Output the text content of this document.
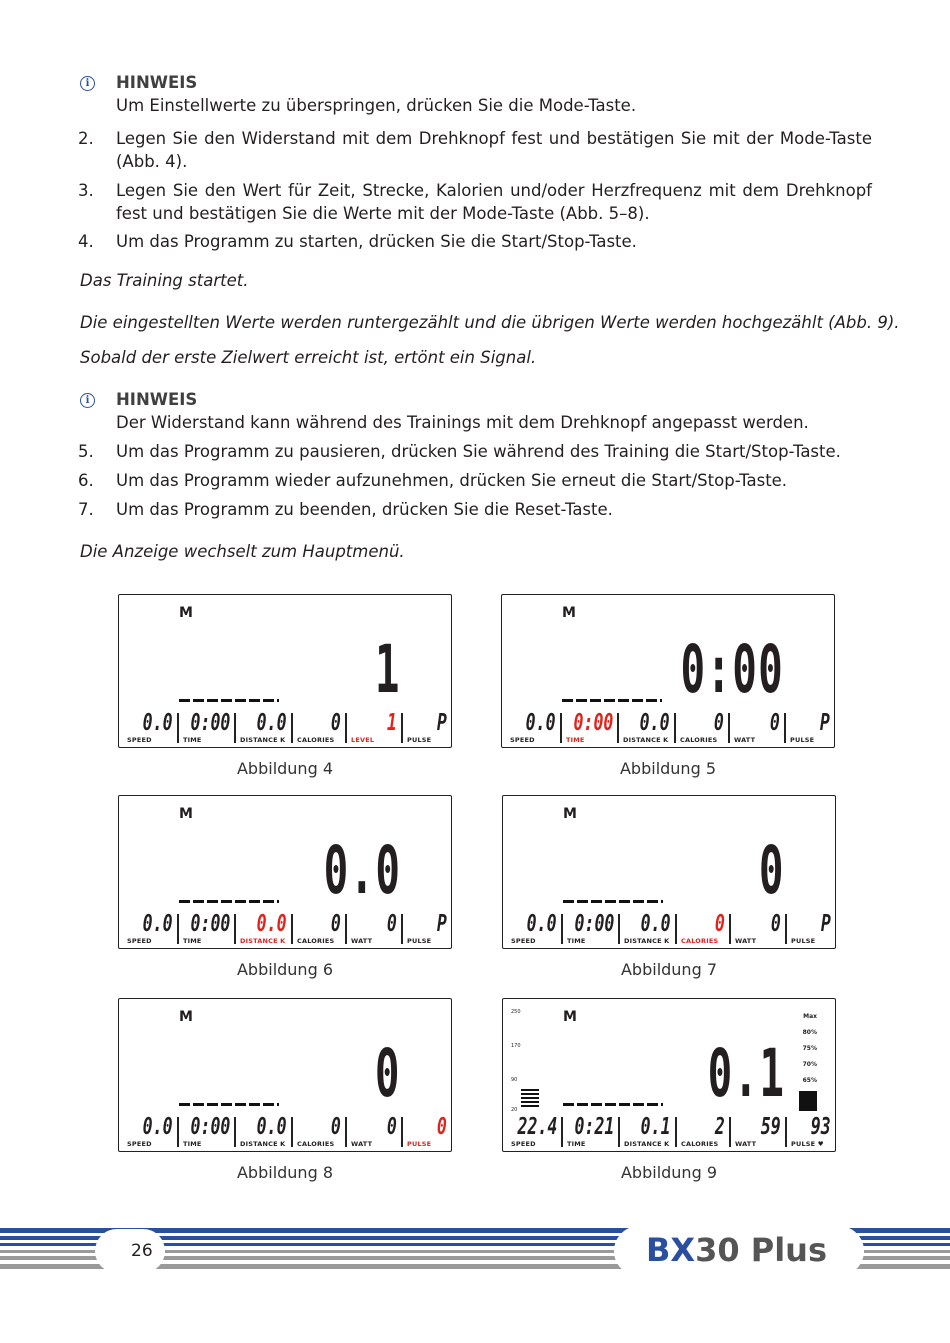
i	HINWEIS
Um Einstellwerte zu überspringen, drücken Sie die Mode-Taste.
2. Legen Sie den Widerstand mit dem Drehknopf fest und bestätigen Sie mit der Mode-Taste (Abb. 4).
3. Legen Sie den Wert für Zeit, Strecke, Kalorien und/oder Herzfrequenz mit dem Drehknopf fest und bestätigen Sie die Werte mit der Mode-Taste (Abb. 5–8).
4. Um das Programm zu starten, drücken Sie die Start/Stop-Taste.
Das Training startet.
Die eingestellten Werte werden runtergezählt und die übrigen Werte werden hochgezählt (Abb. 9).
Sobald der erste Zielwert erreicht ist, ertönt ein Signal.
i	HINWEIS
Der Widerstand kann während des Trainings mit dem Drehknopf angepasst werden.
5. Um das Programm zu pausieren, drücken Sie während des Training die Start/Stop-Taste.
6. Um das Programm wieder aufzunehmen, drücken Sie erneut die Start/Stop-Taste.
7. Um das Programm zu beenden, drücken Sie die Reset-Taste.
Die Anzeige wechselt zum Hauptmenü.
M
1
0.0
SPEED
0:00
TIME
0.0
DISTANCE K
0
CALORIES
1
LEVEL
P
PULSE
Abbildung 4
M
0:00
0.0
SPEED
0:00
TIME
0.0
DISTANCE K
0
CALORIES
0
WATT
P
PULSE
Abbildung 5
M
0.0
0.0
SPEED
0:00
TIME
0.0
DISTANCE K
0
CALORIES
0
WATT
P
PULSE
Abbildung 6
M
0
0.0
SPEED
0:00
TIME
0.0
DISTANCE K
0
CALORIES
0
WATT
P
PULSE
Abbildung 7
M
0
0.0
SPEED
0:00
TIME
0.0
DISTANCE K
0
CALORIES
0
WATT
0
PULSE
Abbildung 8
M
0.1
22.4
SPEED
0:21
TIME
0.1
DISTANCE K
2
CALORIES
59
WATT
93
PULSE ♥
250
170
90
20
Max
80%
75%
70%
65%
Abbildung 9
26	BX30 Plus
